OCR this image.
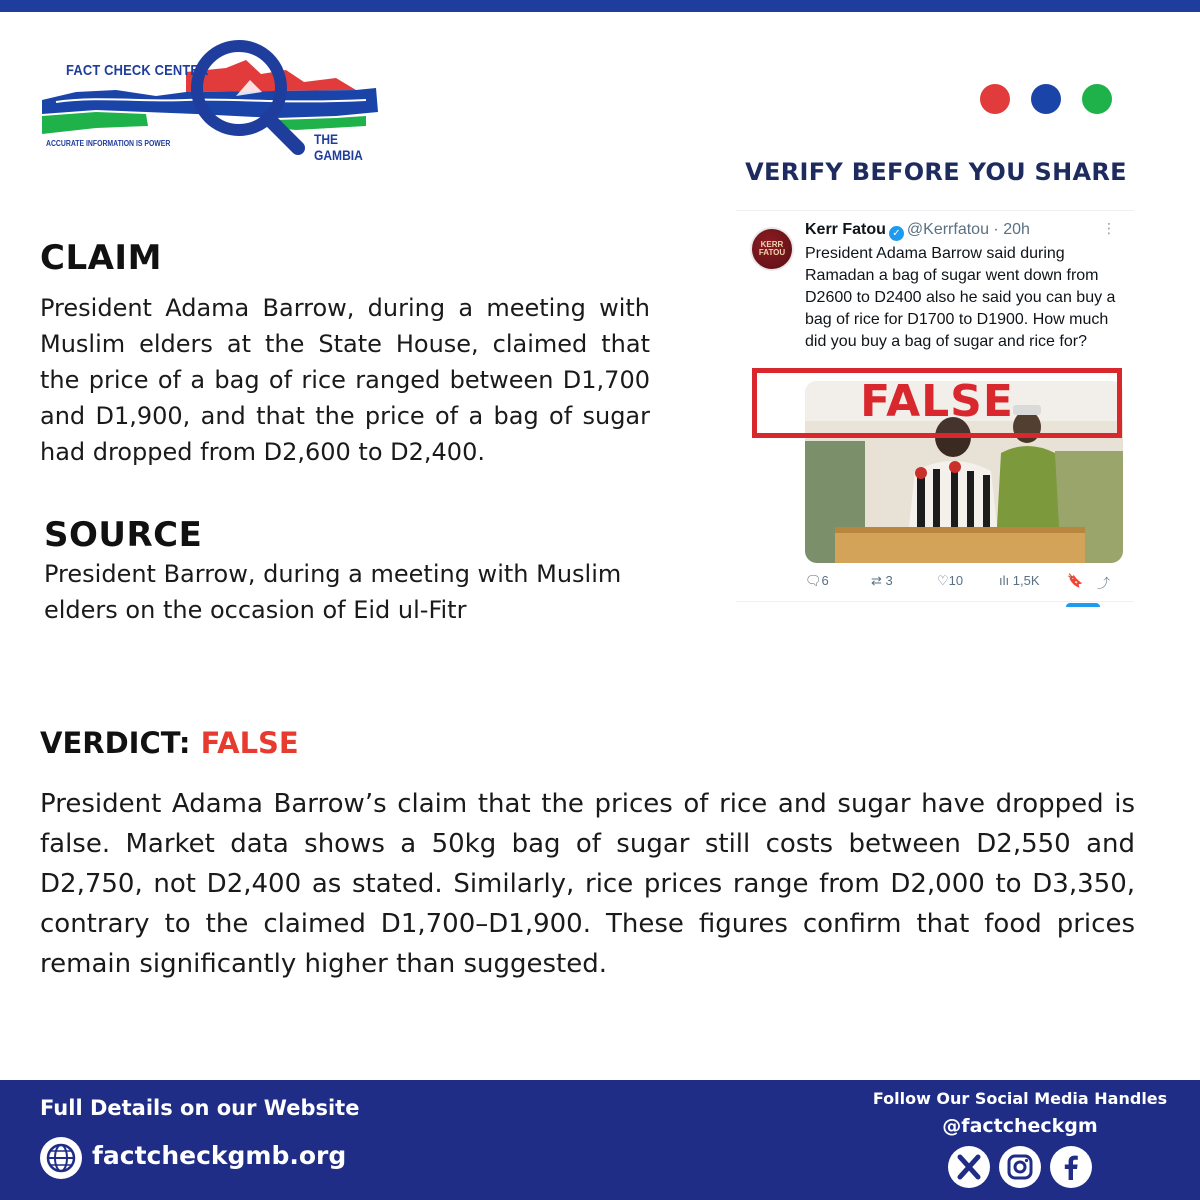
FACT CHECK CENTER
ACCURATE INFORMATION IS POWER	THE GAMBIA
VERIFY BEFORE YOU SHARE
KERR FATOU
Kerr Fatou ✓ @Kerrfatou · 20h	⋮
President Adama Barrow said during Ramadan a bag of sugar went down from D2600 to D2400 also he said you can buy a bag of rice for D1700 to D1900. How much did you buy a bag of sugar and rice for?
FALSE
🗨6	⇄ 3	♡10	ılı 1,5K 🔖 ⤴
CLAIM
President Adama Barrow, during a meeting with Muslim elders at the State House, claimed that the price of a bag of rice ranged between D1,700 and D1,900, and that the price of a bag of sugar had dropped from D2,600 to D2,400.
SOURCE
President Barrow, during a meeting with Muslim elders on the occasion of Eid ul-Fitr
VERDICT: FALSE
President Adama Barrow’s claim that the prices of rice and sugar have dropped is false. Market data shows a 50kg bag of sugar still costs between D2,550 and D2,750, not D2,400 as stated. Similarly, rice prices range from D2,000 to D3,350, contrary to the claimed D1,700–D1,900. These figures confirm that food prices remain significantly higher than suggested.
Full Details on our Website
factcheckgmb.org
Follow Our Social Media Handles
@factcheckgm
